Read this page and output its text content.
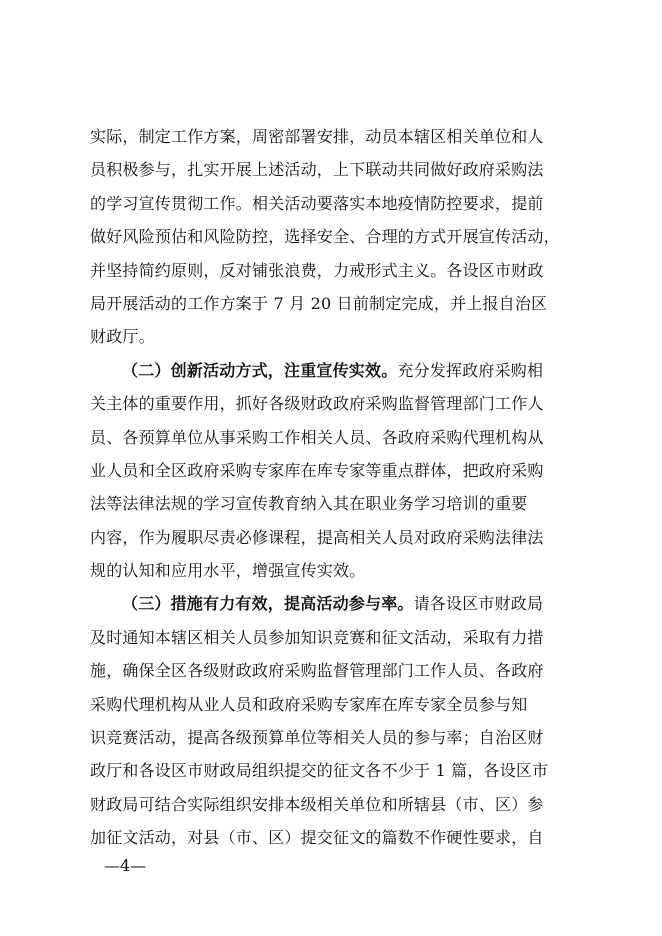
实际，制定工作方案，周密部署安排，动员本辖区相关单位和人
员积极参与，扎实开展上述活动，上下联动共同做好政府采购法
的学习宣传贯彻工作。相关活动要落实本地疫情防控要求，提前
做好风险预估和风险防控，选择安全、合理的方式开展宣传活动，
并坚持简约原则，反对铺张浪费，力戒形式主义。各设区市财政
局开展活动的工作方案于 7 月 20 日前制定完成，并上报自治区
财政厅。
（二）创新活动方式，注重宣传实效。充分发挥政府采购相
关主体的重要作用，抓好各级财政政府采购监督管理部门工作人
员、各预算单位从事采购工作相关人员、各政府采购代理机构从
业人员和全区政府采购专家库在库专家等重点群体，把政府采购
法等法律法规的学习宣传教育纳入其在职业务学习培训的重要
内容，作为履职尽责必修课程，提高相关人员对政府采购法律法
规的认知和应用水平，增强宣传实效。
（三）措施有力有效，提高活动参与率。请各设区市财政局
及时通知本辖区相关人员参加知识竞赛和征文活动，采取有力措
施，确保全区各级财政政府采购监督管理部门工作人员、各政府
采购代理机构从业人员和政府采购专家库在库专家全员参与知
识竞赛活动，提高各级预算单位等相关人员的参与率；自治区财
政厅和各设区市财政局组织提交的征文各不少于 1 篇，各设区市
财政局可结合实际组织安排本级相关单位和所辖县（市、区）参
加征文活动，对县（市、区）提交征文的篇数不作硬性要求，自
—4—
